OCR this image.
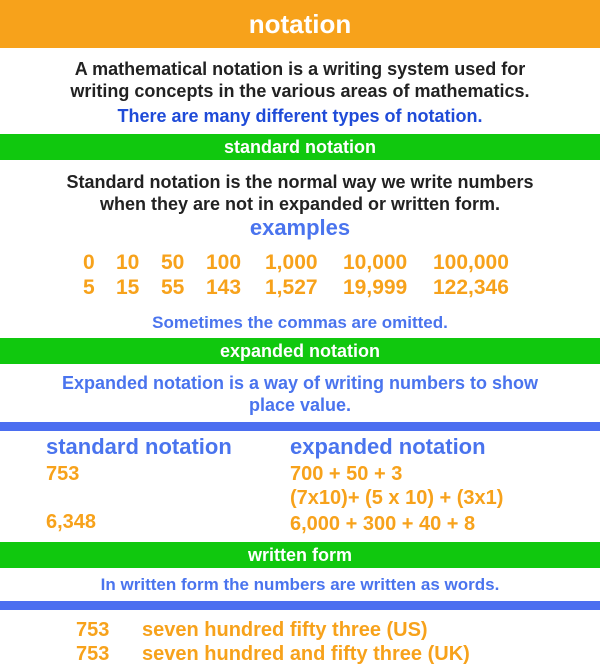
notation
A mathematical notation is a writing system used for
writing concepts in the various areas of mathematics.
There are many different types of notation.
standard notation
Standard notation is the normal way we write numbers
when they are not in expanded or written form.
examples
0 10 50 100 1,000 10,000 100,000
5 15 55 143 1,527 19,999 122,346
Sometimes the commas are omitted.
expanded notation
Expanded notation is a way of writing numbers to show
place value.
standard notation	expanded notation
753
6,348
700 + 50 + 3
(7x10)+ (5 x 10) + (3x1)
6,000 + 300 + 40 + 8
written form
In written form the numbers are written as words.
753 seven hundred fifty three (US)
753 seven hundred and fifty three (UK)
